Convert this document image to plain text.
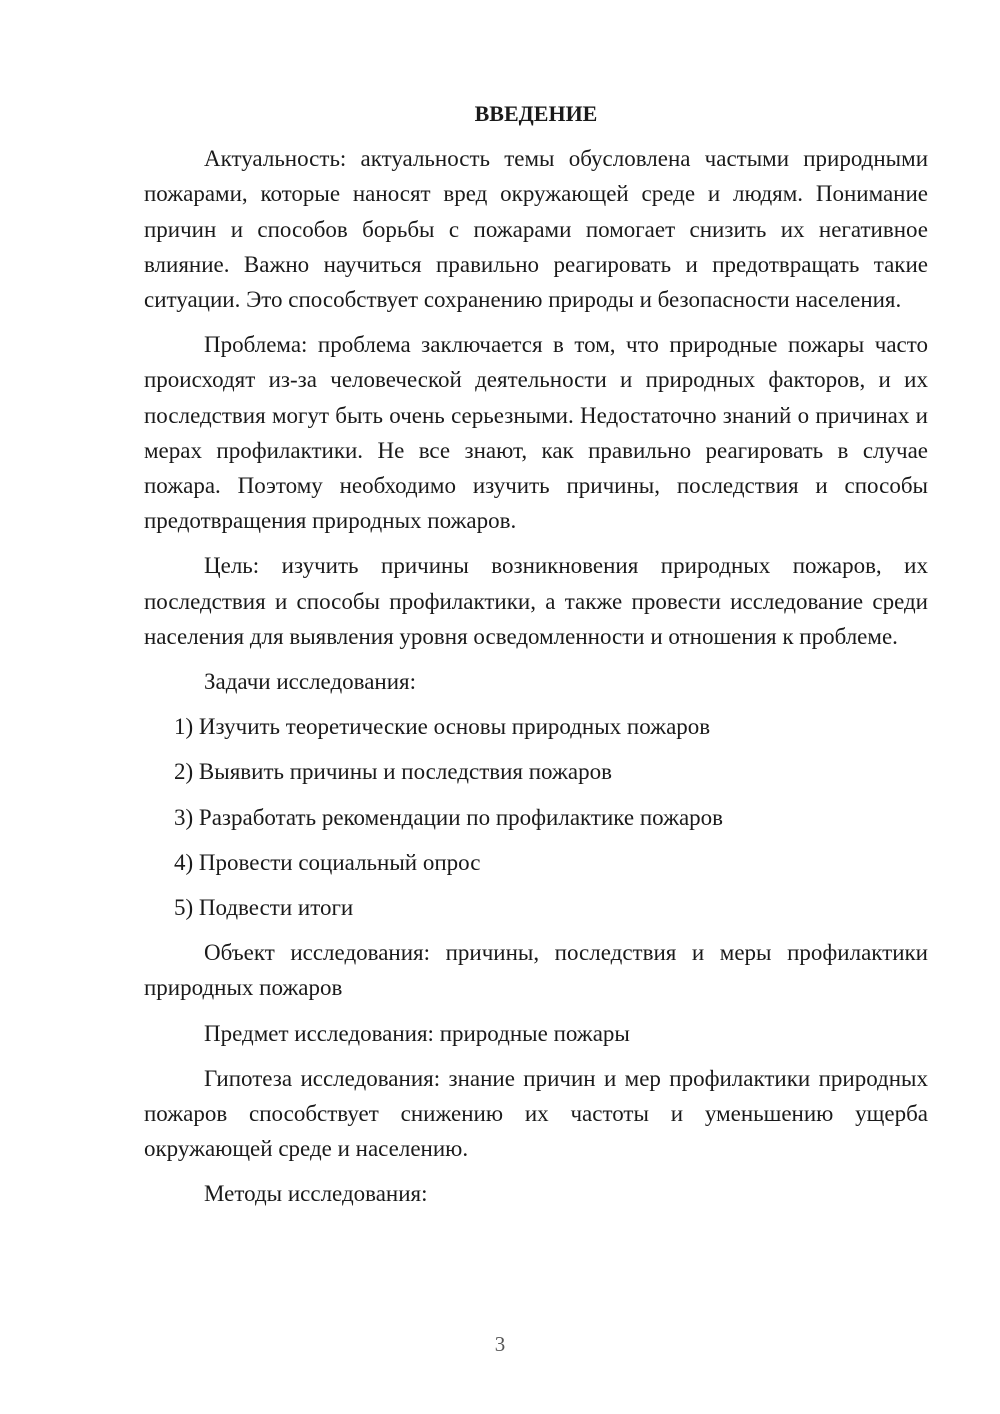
ВВЕДЕНИЕ

Актуальность: актуальность темы обусловлена частыми природными пожарами, которые наносят вред окружающей среде и людям. Понимание причин и способов борьбы с пожарами помогает снизить их негативное влияние. Важно научиться правильно реагировать и предотвращать такие ситуации. Это способствует сохранению природы и безопасности населения.

Проблема: проблема заключается в том, что природные пожары часто происходят из-за человеческой деятельности и природных факторов, и их последствия могут быть очень серьезными. Недостаточно знаний о причинах и мерах профилактики. Не все знают, как правильно реагировать в случае пожара. Поэтому необходимо изучить причины, последствия и способы предотвращения природных пожаров.

Цель: изучить причины возникновения природных пожаров, их последствия и способы профилактики, а также провести исследование среди населения для выявления уровня осведомленности и отношения к проблеме.

Задачи исследования:

1) Изучить теоретические основы природных пожаров
2) Выявить причины и последствия пожаров
3) Разработать рекомендации по профилактике пожаров
4) Провести социальный опрос
5) Подвести итоги

Объект исследования: причины, последствия и меры профилактики природных пожаров

Предмет исследования: природные пожары

Гипотеза исследования: знание причин и мер профилактики природных пожаров способствует снижению их частоты и уменьшению ущерба окружающей среде и населению.

Методы исследования:

3
